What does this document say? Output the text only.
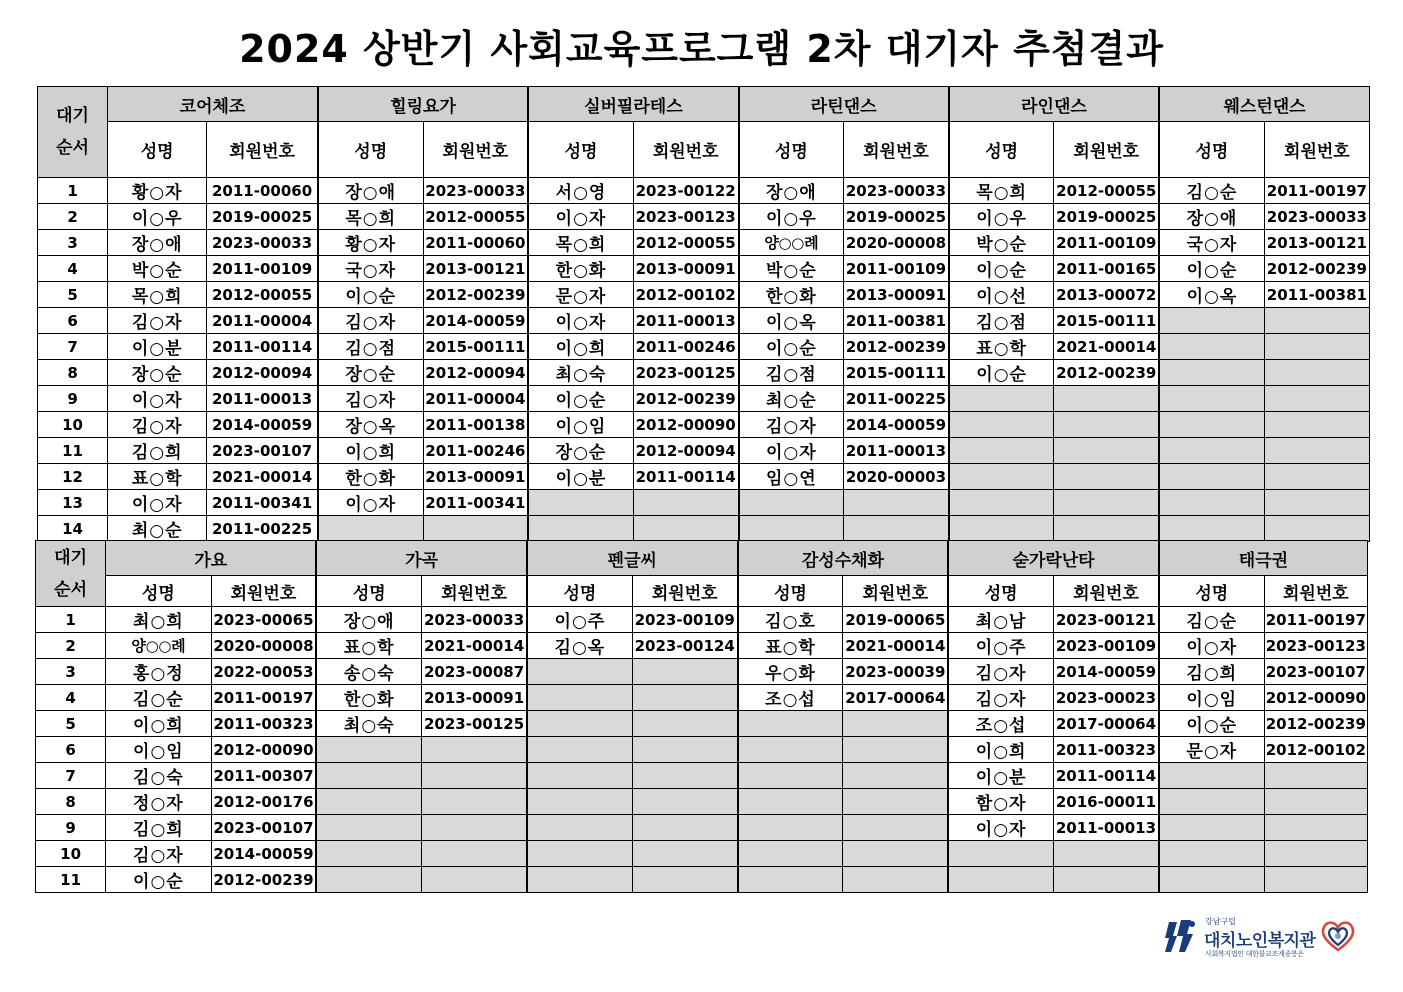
2024 상반기 사회교육프로그램 2차 대기자 추첨결과
대기
순서	코어체조		힐링요가		실버필라테스		라틴댄스		라인댄스		웨스턴댄스	
	성명	회원번호	성명	회원번호	성명	회원번호	성명	회원번호	성명	회원번호	성명	회원번호
1	황○자	2011-00060	장○애	2023-00033	서○영	2023-00122	장○애	2023-00033	목○희	2012-00055	김○순	2011-00197
2	이○우	2019-00025	목○희	2012-00055	이○자	2023-00123	이○우	2019-00025	이○우	2019-00025	장○애	2023-00033
3	장○애	2023-00033	황○자	2011-00060	목○희	2012-00055	양○○례	2020-00008	박○순	2011-00109	국○자	2013-00121
4	박○순	2011-00109	국○자	2013-00121	한○화	2013-00091	박○순	2011-00109	이○순	2011-00165	이○순	2012-00239
5	목○희	2012-00055	이○순	2012-00239	문○자	2012-00102	한○화	2013-00091	이○선	2013-00072	이○옥	2011-00381
6	김○자	2011-00004	김○자	2014-00059	이○자	2011-00013	이○옥	2011-00381	김○점	2015-00111		
7	이○분	2011-00114	김○점	2015-00111	이○희	2011-00246	이○순	2012-00239	표○학	2021-00014		
8	장○순	2012-00094	장○순	2012-00094	최○숙	2023-00125	김○점	2015-00111	이○순	2012-00239		
9	이○자	2011-00013	김○자	2011-00004	이○순	2012-00239	최○순	2011-00225				
10	김○자	2014-00059	장○옥	2011-00138	이○임	2012-00090	김○자	2014-00059				
11	김○희	2023-00107	이○희	2011-00246	장○순	2012-00094	이○자	2011-00013				
12	표○학	2021-00014	한○화	2013-00091	이○분	2011-00114	임○연	2020-00003				
13	이○자	2011-00341	이○자	2011-00341								
14	최○순	2011-00225										
대기
순서	가요		가곡		펜글씨		감성수채화		숟가락난타		태극권	
	성명	회원번호	성명	회원번호	성명	회원번호	성명	회원번호	성명	회원번호	성명	회원번호
1	최○희	2023-00065	장○애	2023-00033	이○주	2023-00109	김○호	2019-00065	최○남	2023-00121	김○순	2011-00197
2	양○○례	2020-00008	표○학	2021-00014	김○옥	2023-00124	표○학	2021-00014	이○주	2023-00109	이○자	2023-00123
3	홍○정	2022-00053	송○숙	2023-00087			우○화	2023-00039	김○자	2014-00059	김○희	2023-00107
4	김○순	2011-00197	한○화	2013-00091			조○섭	2017-00064	김○자	2023-00023	이○임	2012-00090
5	이○희	2011-00323	최○숙	2023-00125					조○섭	2017-00064	이○순	2012-00239
6	이○임	2012-00090							이○희	2011-00323	문○자	2012-00102
7	김○숙	2011-00307							이○분	2011-00114		
8	정○자	2012-00176							함○자	2016-00011		
9	김○희	2023-00107							이○자	2011-00013		
10	김○자	2014-00059										
11	이○순	2012-00239										
강남구립
대치노인복지관
사회복지법인 대한불교조계종봉은
